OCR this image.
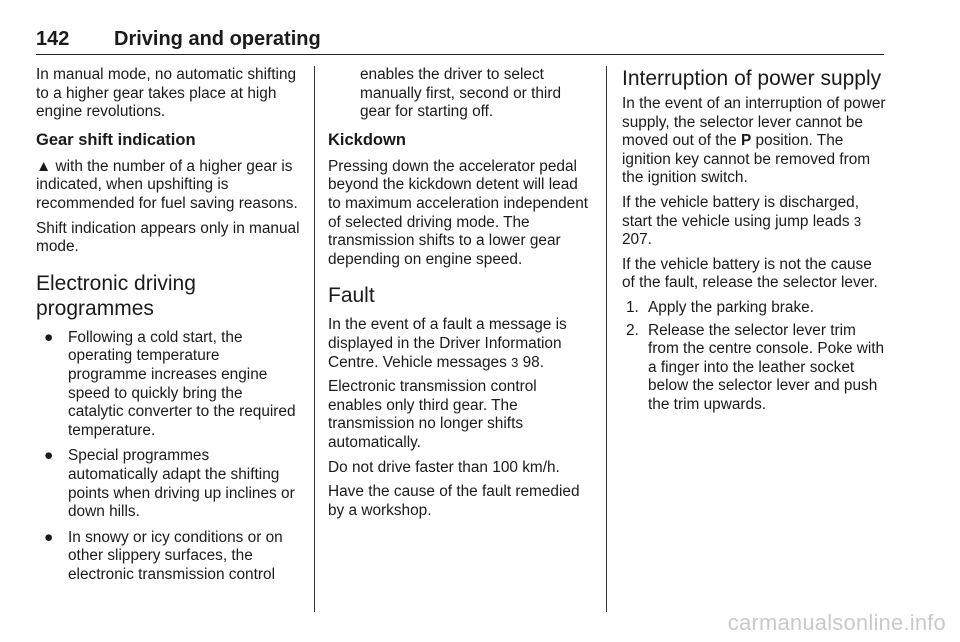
142 Driving and operating

In manual mode, no automatic shifting to a higher gear takes place at high engine revolutions.

Gear shift indication

▲ with the number of a higher gear is indicated, when upshifting is recommended for fuel saving reasons.

Shift indication appears only in manual mode.

Electronic driving programmes
● Following a cold start, the operating temperature programme increases engine speed to quickly bring the catalytic converter to the required temperature.
● Special programmes automatically adapt the shifting points when driving up inclines or down hills.
● In snowy or icy conditions or on other slippery surfaces, the electronic transmission control

enables the driver to select manually first, second or third gear for starting off.

Kickdown

Pressing down the accelerator pedal beyond the kickdown detent will lead to maximum acceleration independent of selected driving mode. The transmission shifts to a lower gear depending on engine speed.

Fault

In the event of a fault a message is displayed in the Driver Information Centre. Vehicle messages 3 98.

Electronic transmission control enables only third gear. The transmission no longer shifts automatically.

Do not drive faster than 100 km/h.

Have the cause of the fault remedied by a workshop.

Interruption of power supply

In the event of an interruption of power supply, the selector lever cannot be moved out of the P position. The ignition key cannot be removed from the ignition switch.

If the vehicle battery is discharged, start the vehicle using jump leads 3 207.

If the vehicle battery is not the cause of the fault, release the selector lever.

1. Apply the parking brake.
2. Release the selector lever trim from the centre console. Poke with a finger into the leather socket below the selector lever and push the trim upwards.
carmanualsonline.info
